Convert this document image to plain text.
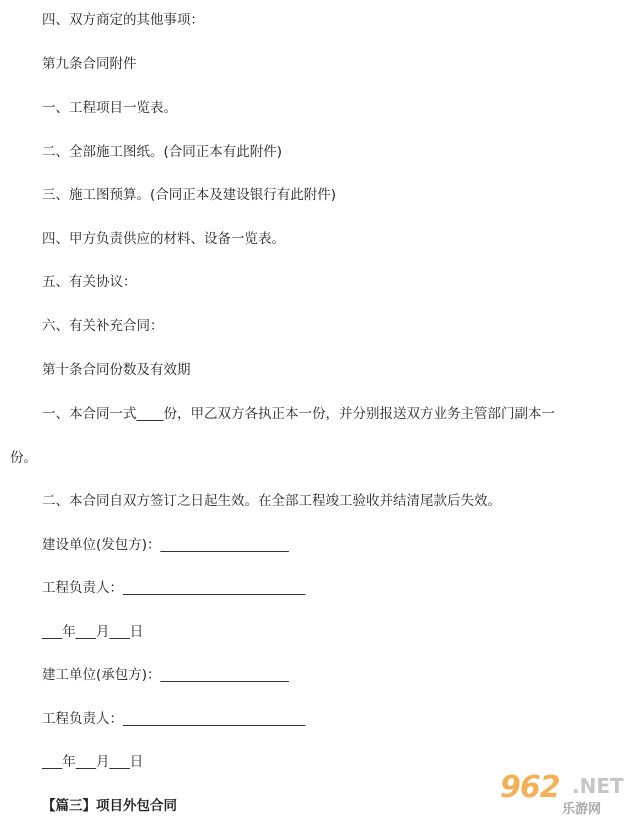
四、双方商定的其他事项：
第九条合同附件
一、工程项目一览表。
二、全部施工图纸。(合同正本有此附件)
三、施工图预算。(合同正本及建设银行有此附件)
四、甲方负责供应的材料、设备一览表。
五、有关协议：
六、有关补充合同：
第十条合同份数及有效期
一、本合同一式____份，甲乙双方各执正本一份，并分别报送双方业务主管部门副本一
份。
二、本合同自双方签订之日起生效。在全部工程竣工验收并结清尾款后失效。
建设单位(发包方)：___________________
工程负责人：___________________________
___年___月___日
建工单位(承包方)：___________________
工程负责人：___________________________
___年___月___日
【篇三】项目外包合同
962 .NET
乐游网
